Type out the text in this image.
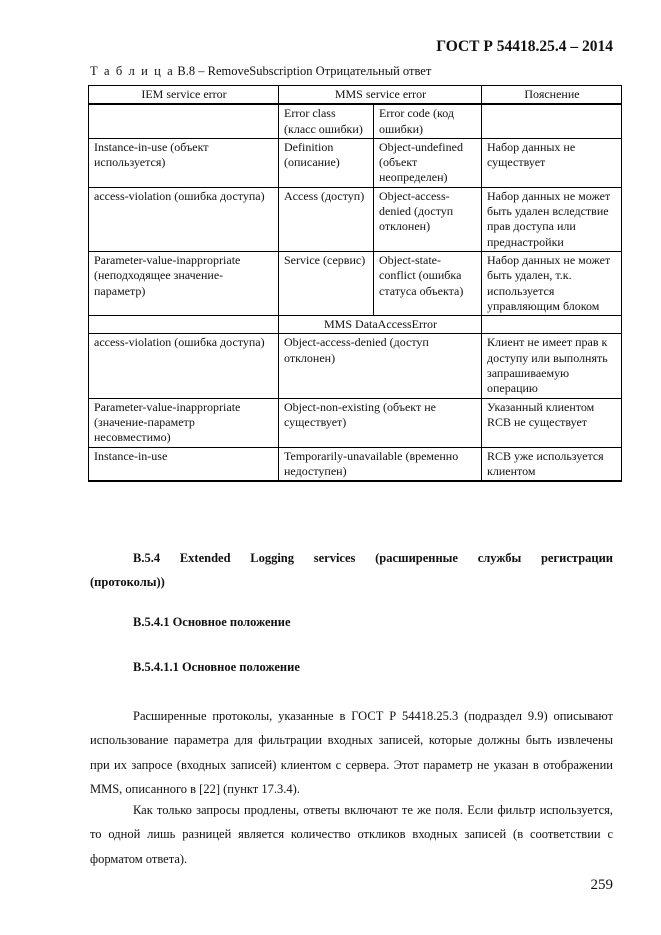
ГОСТ Р 54418.25.4 – 2014
Т а б л и ц а В.8 – RemoveSubscription Отрицательный ответ
IEM service error	MMS service error		Пояснение
	Error class (класс ошибки)	Error code (код ошибки)	
Instance-in-use (объект используется)	Definition (описание)	Object-undefined (объект неопределен)	Набор данных не существует
access-violation (ошибка доступа)	Access (доступ)	Object-access-denied (доступ отклонен)	Набор данных не может быть удален вследствие прав доступа или преднастройки
Parameter-value-inappropriate (неподходящее значение-параметр)	Service (сервис)	Object-state-conflict (ошибка статуса объекта)	Набор данных не может быть удален, т.к. используется управляющим блоком
	MMS DataAccessError		
access-violation (ошибка доступа)	Object-access-denied (доступ отклонен)		Клиент не имеет прав к доступу или выполнять запрашиваемую операцию
Parameter-value-inappropriate (значение-параметр несовместимо)	Object-non-existing (объект не существует)		Указанный клиентом RCB не существует
Instance-in-use	Temporarily-unavailable (временно недоступен)		RCB уже используется клиентом
B.5.4 Extended Logging services (расширенные службы регистрации
(протоколы))
B.5.4.1 Основное положение
B.5.4.1.1 Основное положение

Расширенные протоколы, указанные в ГОСТ Р 54418.25.3 (подраздел 9.9) описывают использование параметра для фильтрации входных записей, которые должны быть извлечены при их запросе (входных записей) клиентом с сервера. Этот параметр не указан в отображении MMS, описанного в [22] (пункт 17.3.4).

Как только запросы продлены, ответы включают те же поля. Если фильтр используется, то одной лишь разницей является количество откликов входных записей (в соответствии с форматом ответа).

259
